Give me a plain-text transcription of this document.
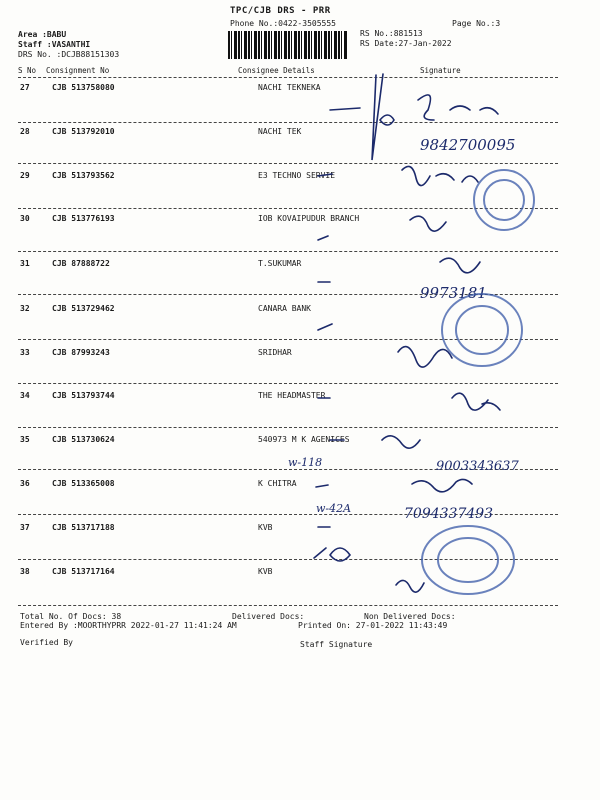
TPC/CJB DRS - PRR
Phone No.:0422-3505555	Page No.:3
RS No.:881513
RS Date:27-Jan-2022
Area :BABU
Staff :VASANTHI
DRS No. :DCJB88151303
S No Consignment No	Consignee Details	Signature
27	CJB 513758080	NACHI TEKNEKA
28	CJB 513792010	NACHI TEK
29	CJB 513793562	E3 TECHNO SERVIE
30	CJB 513776193	IOB KOVAIPUDUR BRANCH
31	CJB 87888722	T.SUKUMAR
32	CJB 513729462	CANARA BANK
33	CJB 87993243	SRIDHAR
34	CJB 513793744	THE HEADMASTER
35	CJB 513730624	540973 M K AGENICES
36	CJB 513365008	K CHITRA
37	CJB 513717188	KVB
38	CJB 513717164	KVB
Total No. Of Docs: 38	Delivered Docs:	Non Delivered Docs:
Entered By :MOORTHYPRR 2022-01-27 11:41:24 AM	Printed On: 27-01-2022 11:43:49
Verified By	Staff Signature
9842700095
9973181
9003343637
7094337493
w-118
w-42A
